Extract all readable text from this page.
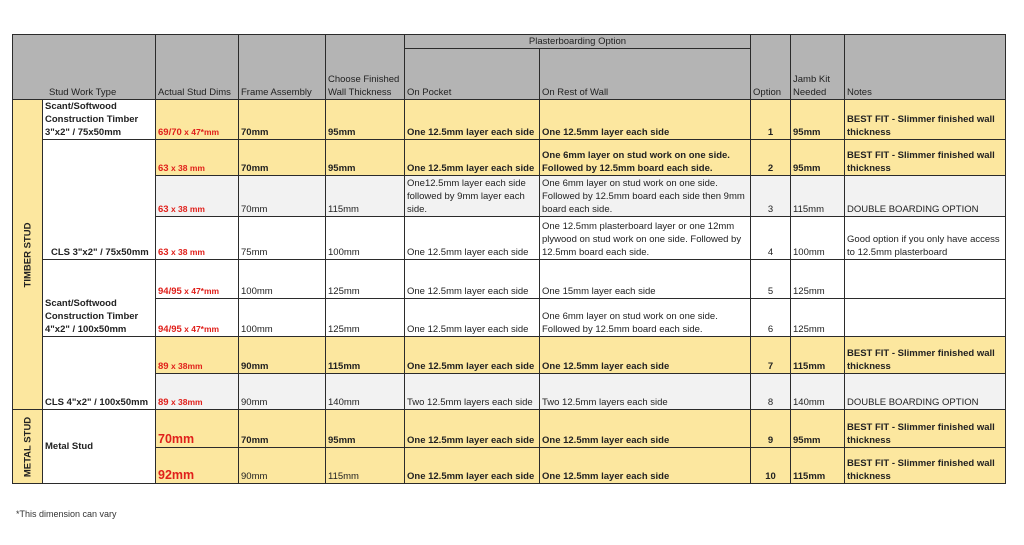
Stud Work Type		Actual Stud Dims	Frame Assembly	Choose Finished Wall Thickness	Plasterboarding Option		Option	Jamb Kit Needed	Notes
					On Pocket	On Rest of Wall			

TIMBER STUD	Scant/Softwood Construction Timber 3"x2" / 75x50mm	69/70 x 47*mm	70mm	95mm	One 12.5mm layer each side	One 12.5mm layer each side	1	95mm	BEST FIT - Slimmer finished wall thickness
	CLS 3"x2" / 75x50mm	63 x 38 mm	70mm	95mm	One 12.5mm layer each side	One 6mm layer on stud work on one side. Followed by 12.5mm board each side.	2	95mm	BEST FIT - Slimmer finished wall thickness
		63 x 38 mm	70mm	115mm	One12.5mm layer each side followed by 9mm layer each side.	One 6mm layer on stud work on one side. Followed by 12.5mm board each side then 9mm board each side.	3	115mm	DOUBLE BOARDING OPTION
		63 x 38 mm	75mm	100mm	One 12.5mm layer each side	One 12.5mm plasterboard layer or one 12mm plywood on stud work on one side. Followed by 12.5mm board each side.	4	100mm	Good option if you only have access to 12.5mm plasterboard
	Scant/Softwood Construction Timber 4"x2" / 100x50mm	94/95 x 47*mm	100mm	125mm	One 12.5mm layer each side	One 15mm layer each side	5	125mm	
		94/95 x 47*mm	100mm	125mm	One 12.5mm layer each side	One 6mm layer on stud work on one side. Followed by 12.5mm board each side.	6	125mm	
	CLS 4"x2" / 100x50mm	89 x 38mm	90mm	115mm	One 12.5mm layer each side	One 12.5mm layer each side	7	115mm	BEST FIT - Slimmer finished wall thickness
		89 x 38mm	90mm	140mm	Two 12.5mm layers each side	Two 12.5mm layers each side	8	140mm	DOUBLE BOARDING OPTION

METAL STUD	Metal Stud	70mm	70mm	95mm	One 12.5mm layer each side	One 12.5mm layer each side	9	95mm	BEST FIT - Slimmer finished wall thickness
		92mm	90mm	115mm	One 12.5mm layer each side	One 12.5mm layer each side	10	115mm	BEST FIT - Slimmer finished wall thickness
*This dimension can vary
